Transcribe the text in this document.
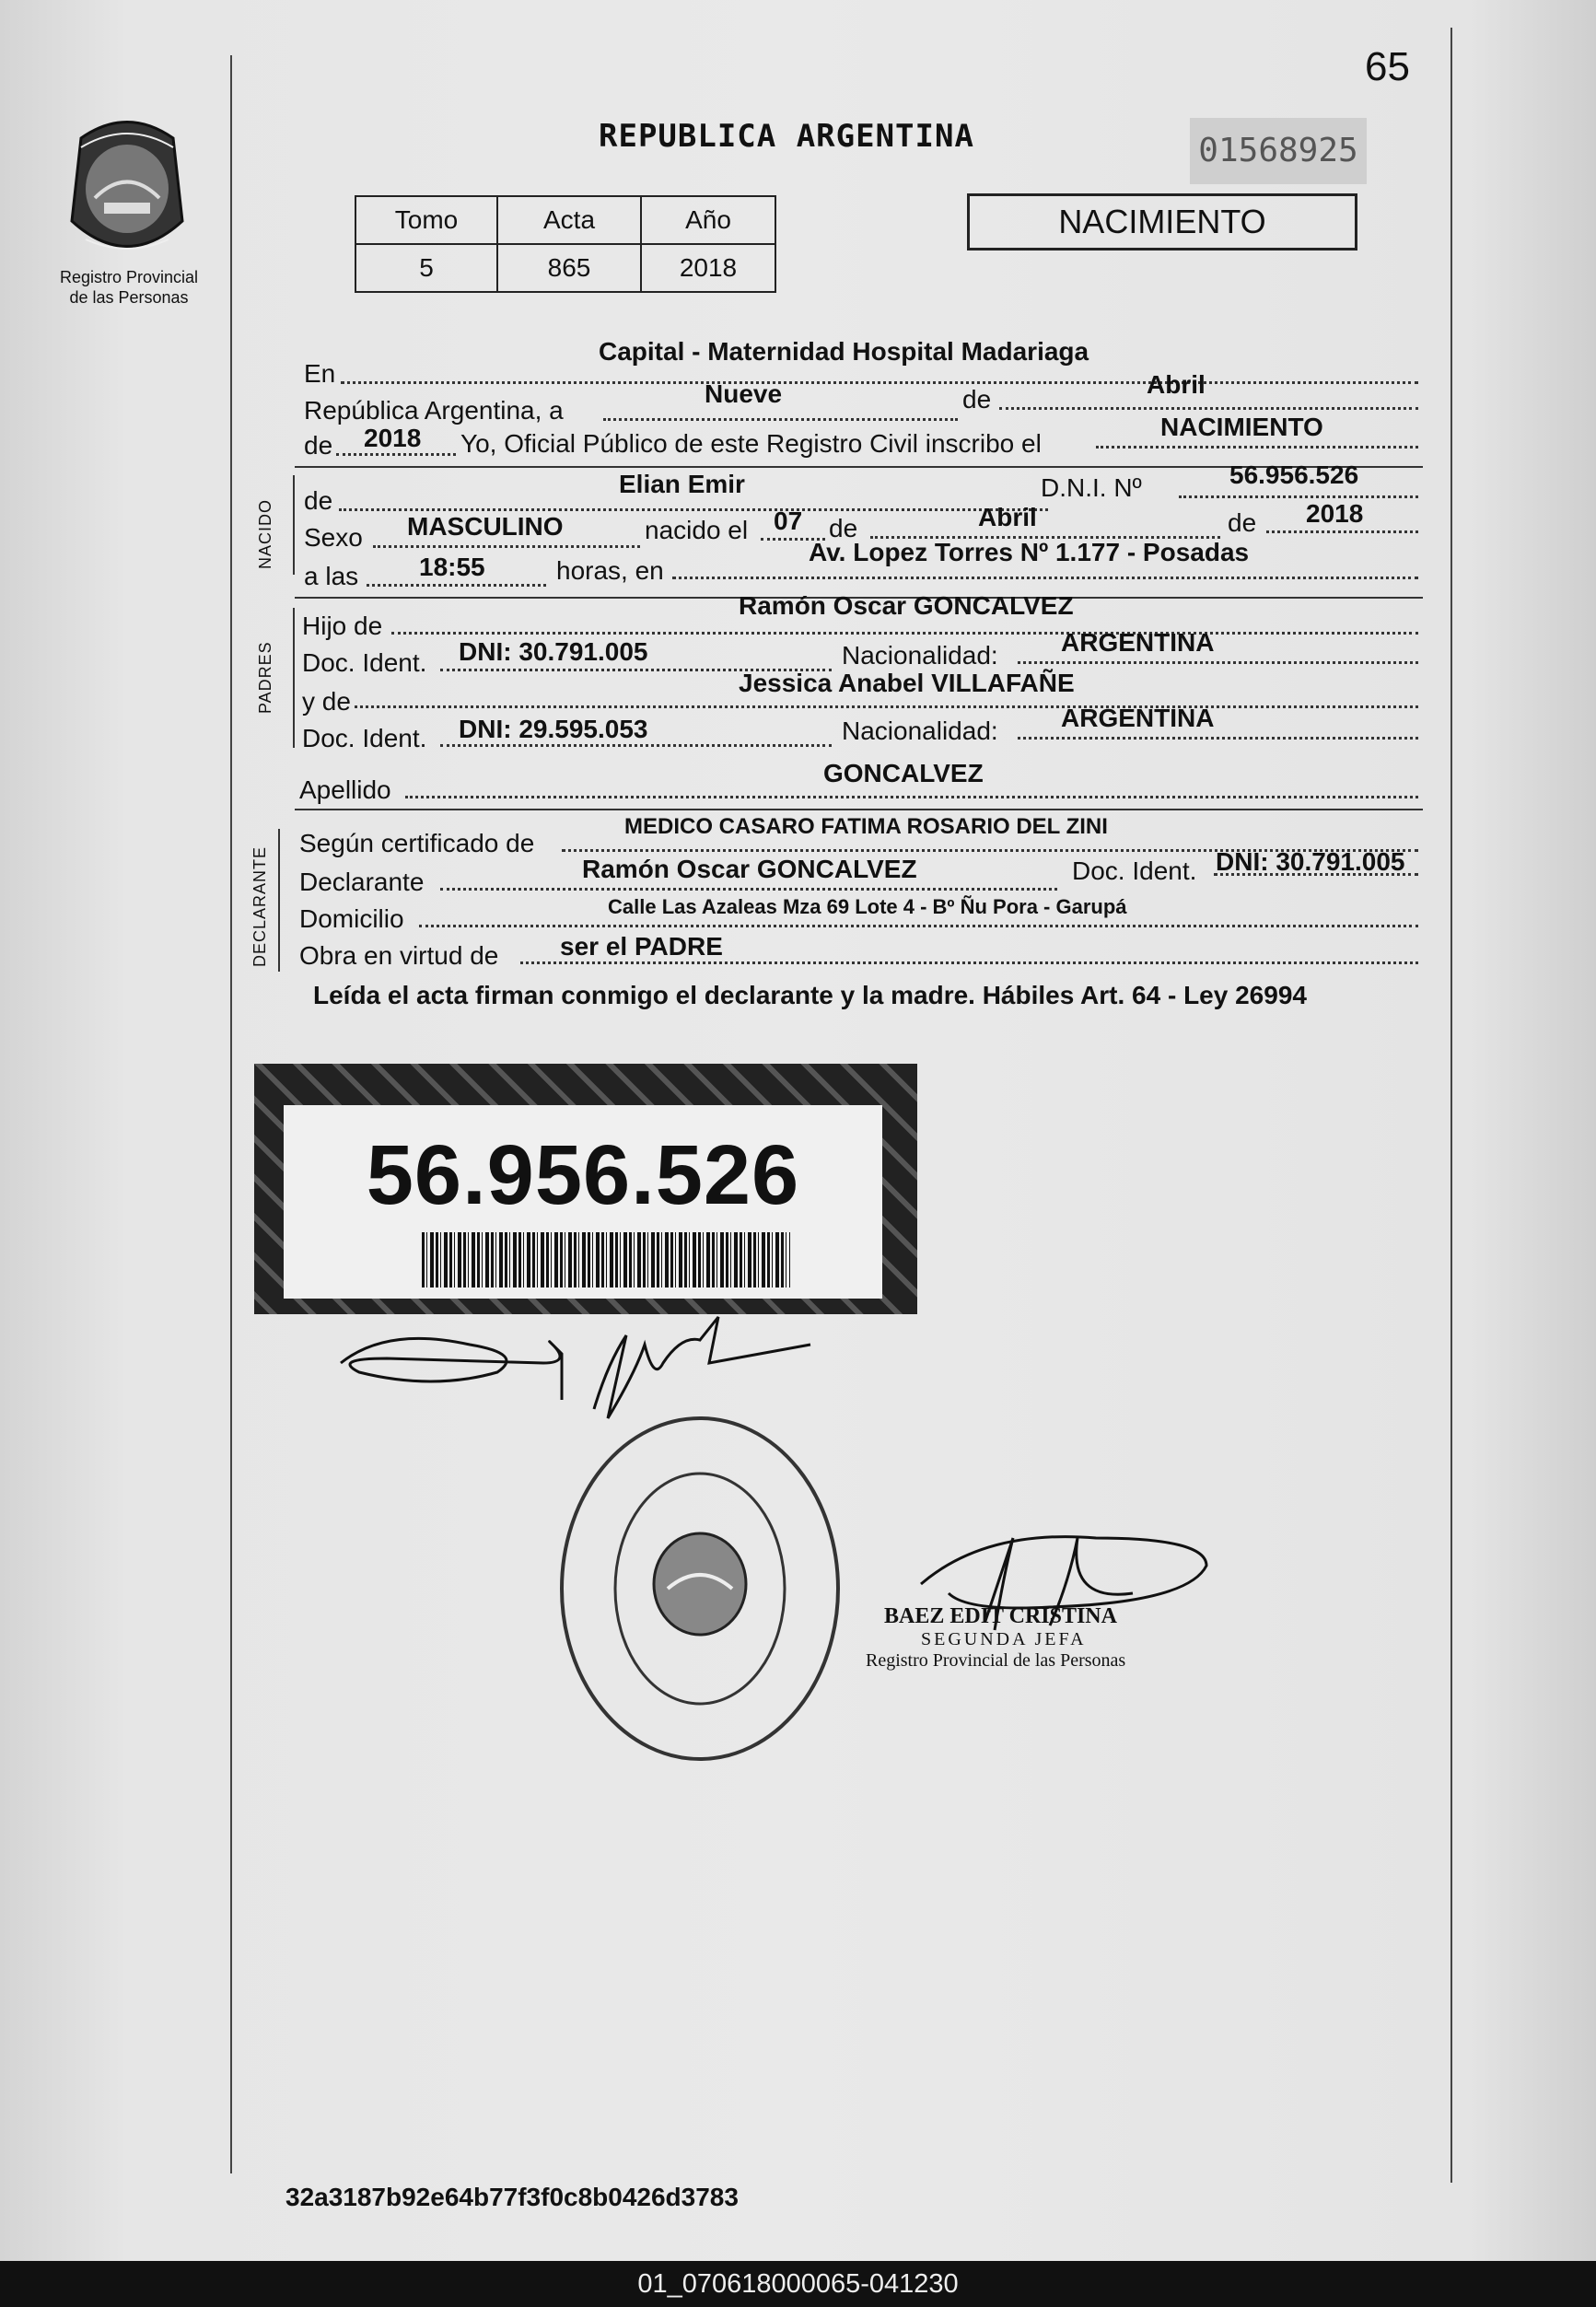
65
REPUBLICA ARGENTINA	01568925
Registro Provincial
de las Personas
Tomo	Acta	Año
5	865	2018
NACIMIENTO
En
Capital - Maternidad Hospital Madariaga
República Argentina, a
Nueve	de
Abril
de 2018 Yo, Oficial Público de este Registro Civil inscribo el
NACIMIENTO
NACIDO de
Elian Emir	D.N.I. Nº	56.956.526
Sexo MASCULINO	nacido el 07 de	Abril	de 2018
a las 18:55	horas, en
Av. Lopez Torres Nº 1.177 - Posadas
PADRES
Hijo de
Ramón Oscar GONCALVEZ
Doc. Ident. DNI: 30.791.005	Nacionalidad: ARGENTINA
y de
Jessica Anabel VILLAFAÑE
Doc. Ident. DNI: 29.595.053	Nacionalidad: ARGENTINA
Apellido
GONCALVEZ
DECLARANTE
Según certificado de
MEDICO CASARO FATIMA ROSARIO DEL ZINI
Declarante	Ramón Oscar GONCALVEZ	Doc. Ident. DNI: 30.791.005
Domicilio	Calle Las Azaleas Mza 69 Lote 4 - Bº Ñu Pora - Garupá
Obra en virtud de ser el PADRE
Leída el acta firman conmigo el declarante y la madre. Hábiles Art. 64 - Ley 26994
56.956.526
BAEZ EDIT CRISTINA
SEGUNDA JEFA
Registro Provincial de las Personas
32a3187b92e64b77f3f0c8b0426d3783
01_070618000065-041230
